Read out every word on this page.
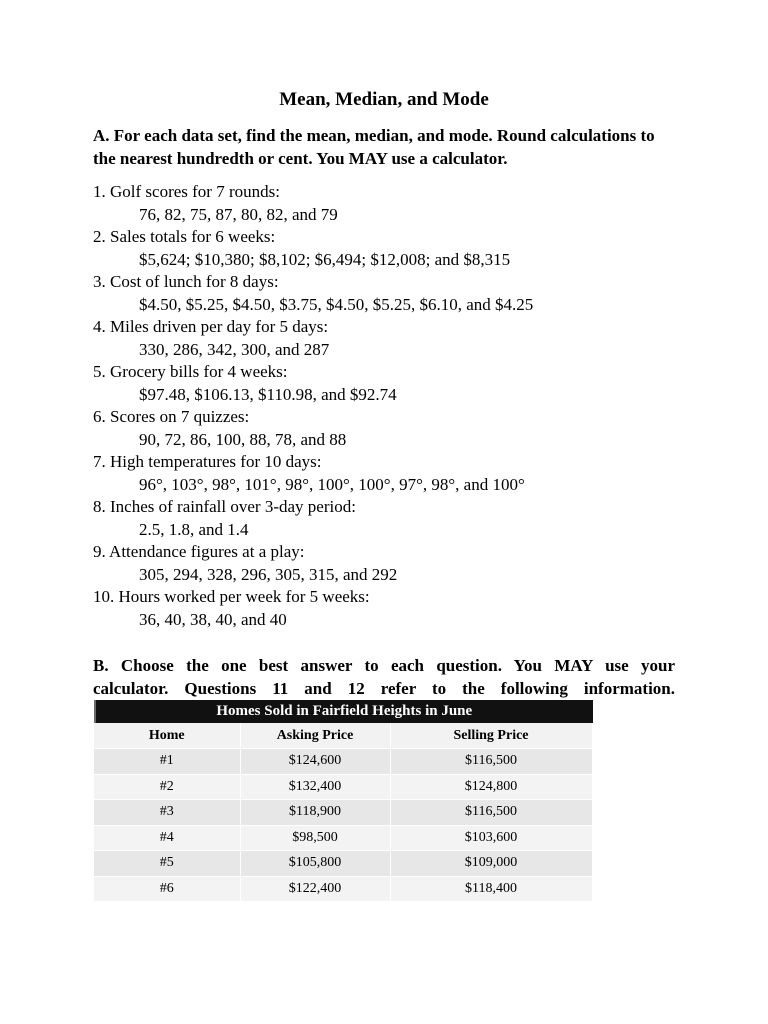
Mean, Median, and Mode
A. For each data set, find the mean, median, and mode. Round calculations to the nearest hundredth or cent. You MAY use a calculator.
1. Golf scores for 7 rounds:
76, 82, 75, 87, 80, 82, and 79
2. Sales totals for 6 weeks:
$5,624; $10,380; $8,102; $6,494; $12,008; and $8,315
3. Cost of lunch for 8 days:
$4.50, $5.25, $4.50, $3.75, $4.50, $5.25, $6.10, and $4.25
4. Miles driven per day for 5 days:
330, 286, 342, 300, and 287
5. Grocery bills for 4 weeks:
$97.48, $106.13, $110.98, and $92.74
6. Scores on 7 quizzes:
90, 72, 86, 100, 88, 78, and 88
7. High temperatures for 10 days:
96°, 103°, 98°, 101°, 98°, 100°, 100°, 97°, 98°, and 100°
8. Inches of rainfall over 3-day period:
2.5, 1.8, and 1.4
9. Attendance figures at a play:
305, 294, 328, 296, 305, 315, and 292
10. Hours worked per week for 5 weeks:
36, 40, 38, 40, and 40
B. Choose the one best answer to each question. You MAY use your
calculator. Questions 11 and 12 refer to the following information.
Homes Sold in Fairfield Heights in June
Home	Asking Price	Selling Price
#1	$124,600	$116,500
#2	$132,400	$124,800
#3	$118,900	$116,500
#4	$98,500	$103,600
#5	$105,800	$109,000
#6	$122,400	$118,400
